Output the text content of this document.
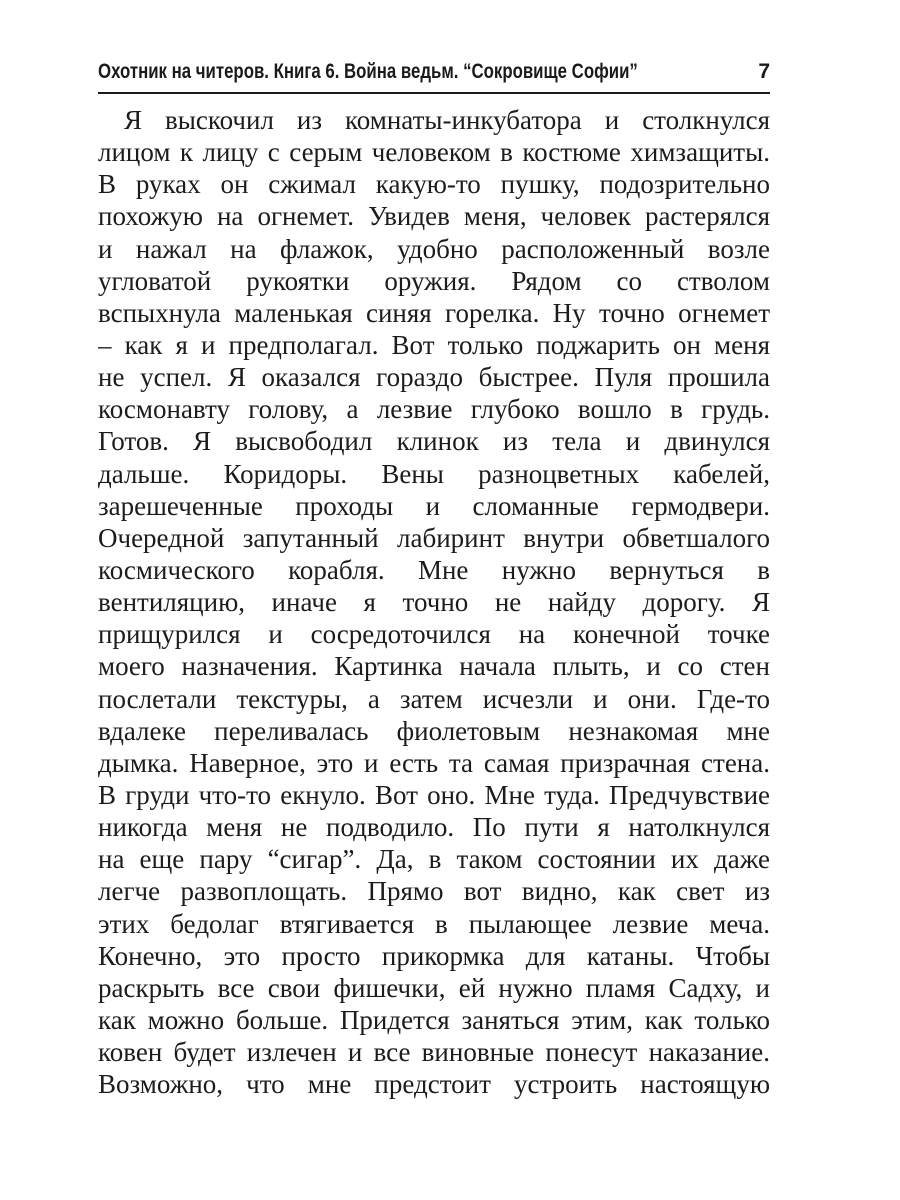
Охотник на читеров. Книга 6. Война ведьм. “Сокровище Софии”	7
Я выскочил из комнаты-инкубатора и столкнулся
лицом к лицу с серым человеком в костюме химзащиты.
В руках он сжимал какую-то пушку, подозрительно
похожую на огнемет. Увидев меня, человек растерялся
и нажал на флажок, удобно расположенный возле
угловатой рукоятки оружия. Рядом со стволом
вспыхнула маленькая синяя горелка. Ну точно огнемет
– как я и предполагал. Вот только поджарить он меня
не успел. Я оказался гораздо быстрее. Пуля прошила
космонавту голову, а лезвие глубоко вошло в грудь.
Готов. Я высвободил клинок из тела и двинулся
дальше. Коридоры. Вены разноцветных кабелей,
зарешеченные проходы и сломанные гермодвери.
Очередной запутанный лабиринт внутри обветшалого
космического корабля. Мне нужно вернуться в
вентиляцию, иначе я точно не найду дорогу. Я
прищурился и сосредоточился на конечной точке
моего назначения. Картинка начала плыть, и со стен
послетали текстуры, а затем исчезли и они. Где-то
вдалеке переливалась фиолетовым незнакомая мне
дымка. Наверное, это и есть та самая призрачная стена.
В груди что-то екнуло. Вот оно. Мне туда. Предчувствие
никогда меня не подводило. По пути я натолкнулся
на еще пару “сигар”. Да, в таком состоянии их даже
легче развоплощать. Прямо вот видно, как свет из
этих бедолаг втягивается в пылающее лезвие меча.
Конечно, это просто прикормка для катаны. Чтобы
раскрыть все свои фишечки, ей нужно пламя Садху, и
как можно больше. Придется заняться этим, как только
ковен будет излечен и все виновные понесут наказание.
Возможно, что мне предстоит устроить настоящую
